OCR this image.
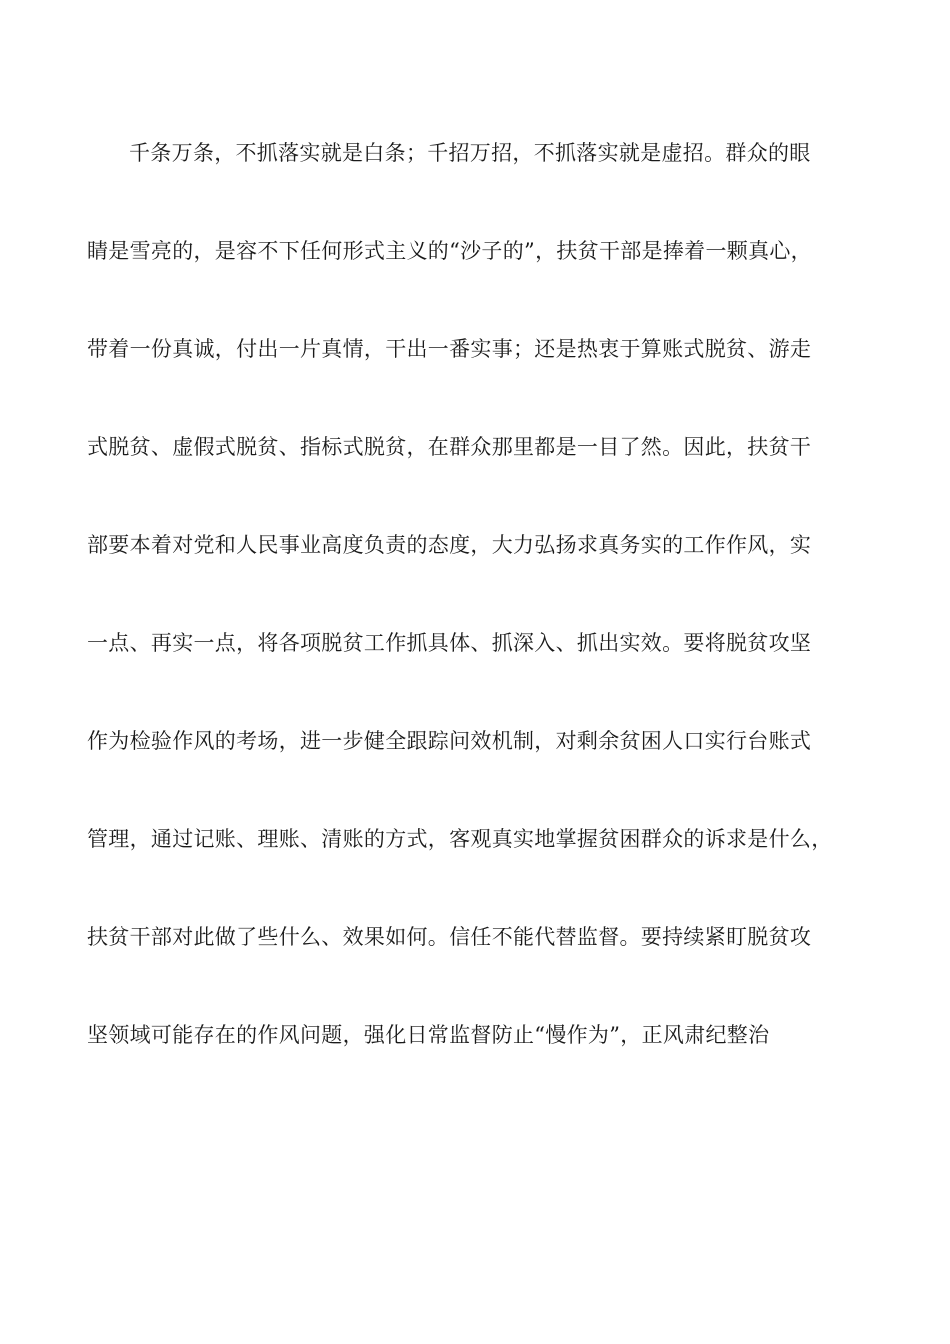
千条万条，不抓落实就是白条；千招万招，不抓落实就是虚招。群众的眼
睛是雪亮的，是容不下任何形式主义的“沙子的”，扶贫干部是捧着一颗真心，
带着一份真诚，付出一片真情，干出一番实事；还是热衷于算账式脱贫、游走
式脱贫、虚假式脱贫、指标式脱贫，在群众那里都是一目了然。因此，扶贫干
部要本着对党和人民事业高度负责的态度，大力弘扬求真务实的工作作风，实
一点、再实一点，将各项脱贫工作抓具体、抓深入、抓出实效。要将脱贫攻坚
作为检验作风的考场，进一步健全跟踪问效机制，对剩余贫困人口实行台账式
管理，通过记账、理账、清账的方式，客观真实地掌握贫困群众的诉求是什么，
扶贫干部对此做了些什么、效果如何。信任不能代替监督。要持续紧盯脱贫攻
坚领域可能存在的作风问题，强化日常监督防止“慢作为”，正风肃纪整治
